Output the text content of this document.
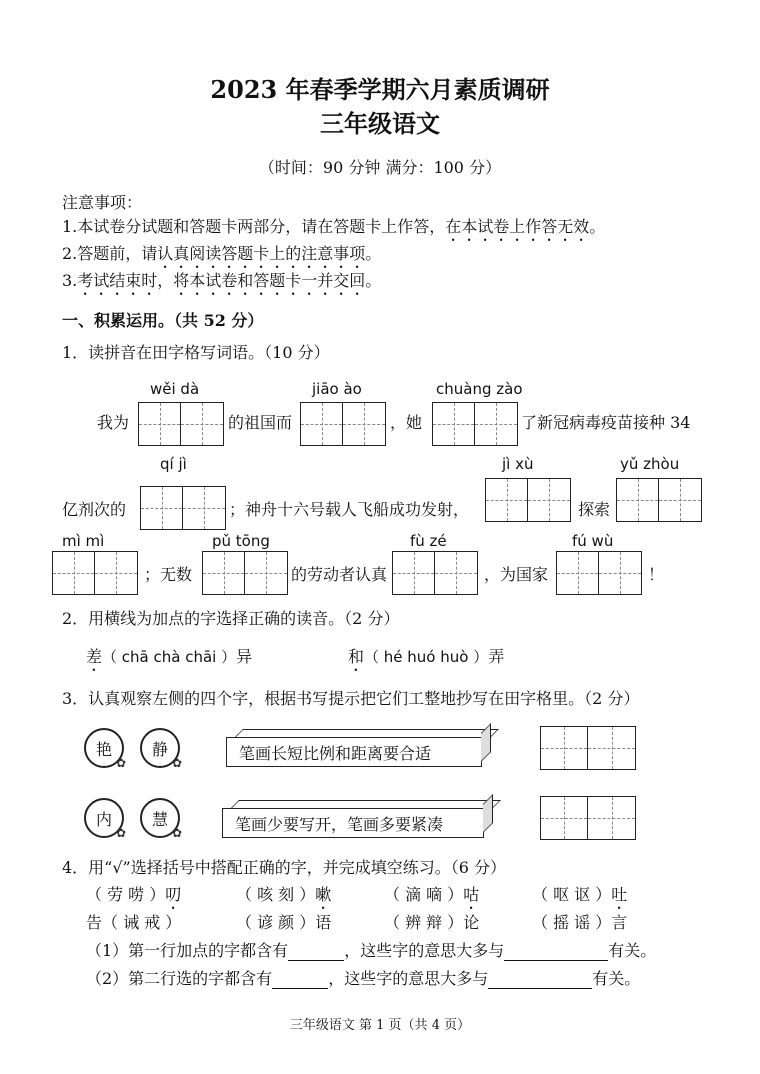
2023 年春季学期六月素质调研
三年级语文
（时间：90 分钟 满分：100 分）
注意事项：
1.本试卷分试题和答题卡两部分，请在答题卡上作答，在本试卷上作答无效。
2.答题前，请认真阅读答题卡上的注意事项。
3.考试结束时，将本试卷和答题卡一并交回。
一、积累运用。（共 52 分）
1．读拼音在田字格写词语。（10 分）
wěi dà	jiāo ào	chuàng zào
我为	的祖国而	，她	了新冠病毒疫苗接种 34
qí jì	jì xù	yǔ zhòu
亿剂次的	；神舟十六号载人飞船成功发射，	探索
mì mì	pǔ tōng	fù zé	fú wù
；无数	的劳动者认真	，为国家	！
2．用横线为加点的字选择正确的读音。（2 分）
差（ chā chà chāi ）异	和（ hé huó huò ）弄
3．认真观察左侧的四个字，根据书写提示把它们工整地抄写在田字格里。（2 分）
艳
✿
静
✿
内
✿
慧
✿
笔画长短比例和距离要合适
笔画少要写开，笔画多要紧凑
4．用“√”选择括号中搭配正确的字，并完成填空练习。（6 分）
（ 劳 唠 ）叨	（ 咳 刻 ）嗽	（ 滴 嘀 ）咕	（ 呕 讴 ）吐
告（ 诫 戒 ）	（ 谚 颜 ）语	（ 辨 辩 ）论	（ 摇 谣 ）言
（1）第一行加点的字都含有	，这些字的意思大多与	有关。
（2）第二行选的字都含有	，这些字的意思大多与	有关。
三年级语文 第 1 页（共 4 页）
